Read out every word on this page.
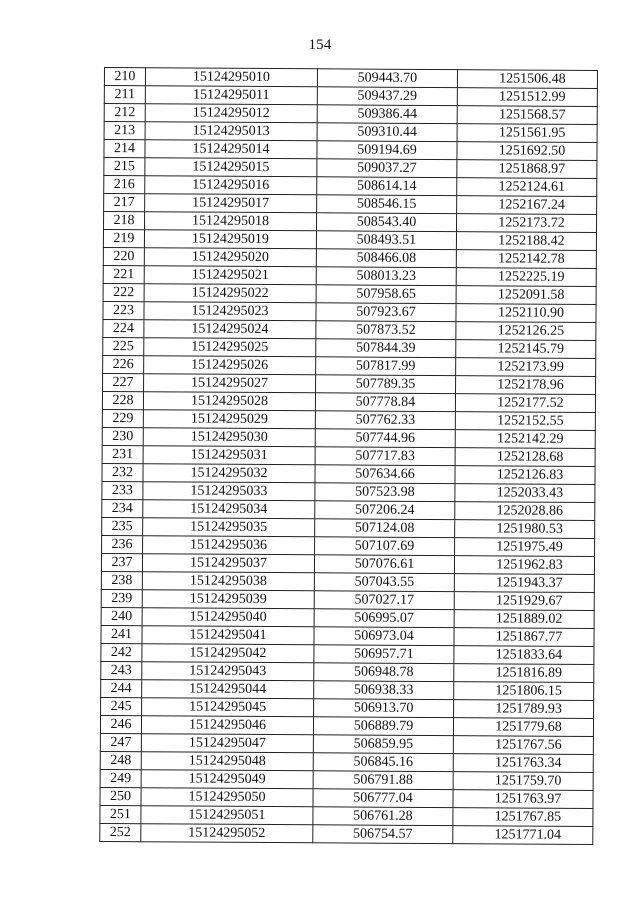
154
210	15124295010	509443.70	1251506.48
211	15124295011	509437.29	1251512.99
212	15124295012	509386.44	1251568.57
213	15124295013	509310.44	1251561.95
214	15124295014	509194.69	1251692.50
215	15124295015	509037.27	1251868.97
216	15124295016	508614.14	1252124.61
217	15124295017	508546.15	1252167.24
218	15124295018	508543.40	1252173.72
219	15124295019	508493.51	1252188.42
220	15124295020	508466.08	1252142.78
221	15124295021	508013.23	1252225.19
222	15124295022	507958.65	1252091.58
223	15124295023	507923.67	1252110.90
224	15124295024	507873.52	1252126.25
225	15124295025	507844.39	1252145.79
226	15124295026	507817.99	1252173.99
227	15124295027	507789.35	1252178.96
228	15124295028	507778.84	1252177.52
229	15124295029	507762.33	1252152.55
230	15124295030	507744.96	1252142.29
231	15124295031	507717.83	1252128.68
232	15124295032	507634.66	1252126.83
233	15124295033	507523.98	1252033.43
234	15124295034	507206.24	1252028.86
235	15124295035	507124.08	1251980.53
236	15124295036	507107.69	1251975.49
237	15124295037	507076.61	1251962.83
238	15124295038	507043.55	1251943.37
239	15124295039	507027.17	1251929.67
240	15124295040	506995.07	1251889.02
241	15124295041	506973.04	1251867.77
242	15124295042	506957.71	1251833.64
243	15124295043	506948.78	1251816.89
244	15124295044	506938.33	1251806.15
245	15124295045	506913.70	1251789.93
246	15124295046	506889.79	1251779.68
247	15124295047	506859.95	1251767.56
248	15124295048	506845.16	1251763.34
249	15124295049	506791.88	1251759.70
250	15124295050	506777.04	1251763.97
251	15124295051	506761.28	1251767.85
252	15124295052	506754.57	1251771.04
